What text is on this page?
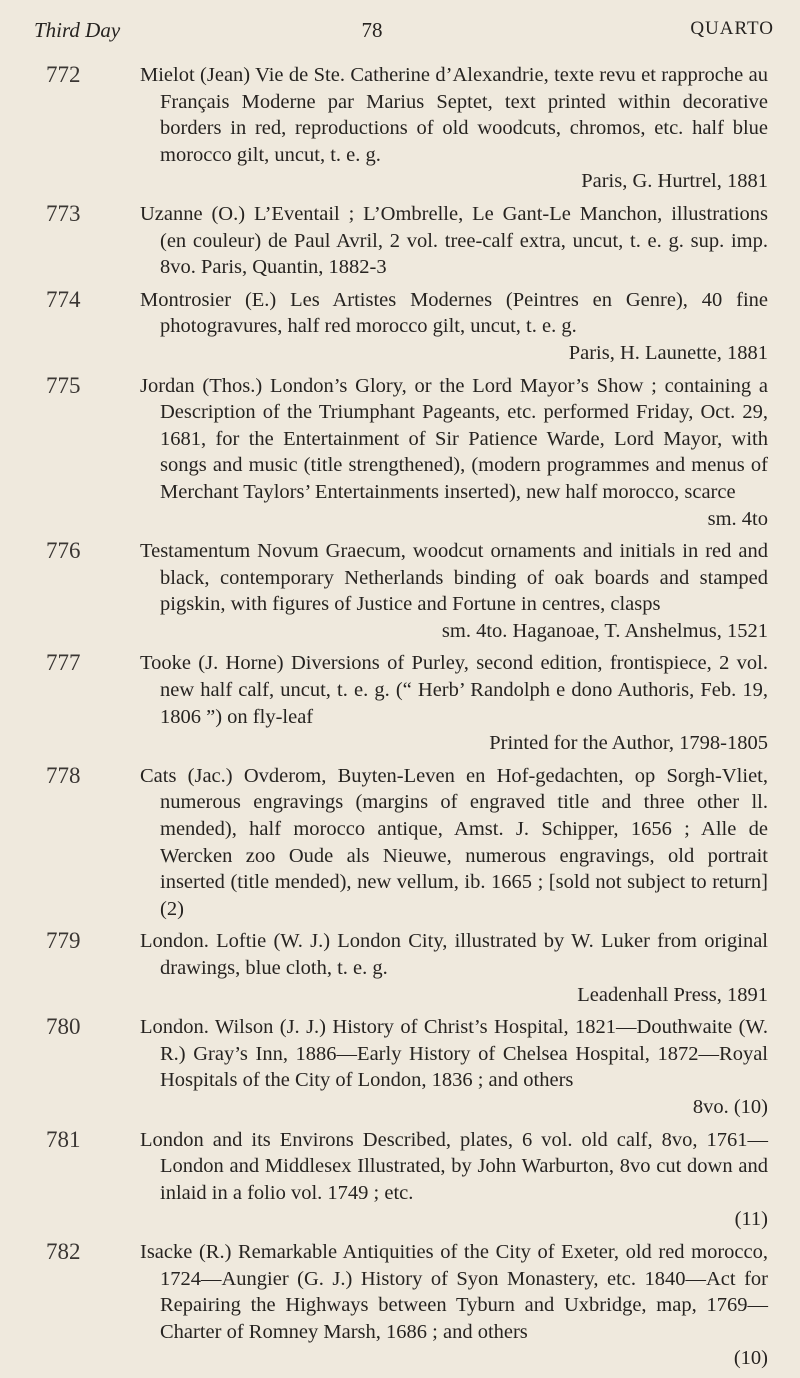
Third Day	78	QUARTO
772	Mielot (Jean) Vie de Ste. Catherine d’Alexandrie, texte revu et rapproche au Français Moderne par Marius Septet, text printed within decorative borders in red, reproductions of old woodcuts, chromos, etc. half blue morocco gilt, uncut, t. e. g.
Paris, G. Hurtrel, 1881
773	Uzanne (O.) L’Eventail ; L’Ombrelle, Le Gant-Le Manchon, illustrations (en couleur) de Paul Avril, 2 vol. tree-calf extra, uncut, t. e. g. sup. imp. 8vo. Paris, Quantin, 1882-3
774	Montrosier (E.) Les Artistes Modernes (Peintres en Genre), 40 fine photogravures, half red morocco gilt, uncut, t. e. g.
Paris, H. Launette, 1881
775	Jordan (Thos.) London’s Glory, or the Lord Mayor’s Show ; containing a Description of the Triumphant Pageants, etc. performed Friday, Oct. 29, 1681, for the Entertainment of Sir Patience Warde, Lord Mayor, with songs and music (title strengthened), (modern programmes and menus of Merchant Taylors’ Entertainments inserted), new half morocco, scarce
sm. 4to
776	Testamentum Novum Graecum, woodcut ornaments and initials in red and black, contemporary Netherlands binding of oak boards and stamped pigskin, with figures of Justice and Fortune in centres, clasps
sm. 4to. Haganoae, T. Anshelmus, 1521
777	Tooke (J. Horne) Diversions of Purley, second edition, frontispiece, 2 vol. new half calf, uncut, t. e. g. (“ Herb’ Randolph e dono Authoris, Feb. 19, 1806 ”) on fly-leaf
Printed for the Author, 1798-1805
778	Cats (Jac.) Ovderom, Buyten-Leven en Hof-gedachten, op Sorgh-Vliet, numerous engravings (margins of engraved title and three other ll. mended), half morocco antique, Amst. J. Schipper, 1656 ; Alle de Wercken zoo Oude als Nieuwe, numerous engravings, old portrait inserted (title mended), new vellum, ib. 1665 ; [sold not subject to return] (2)
779	London. Loftie (W. J.) London City, illustrated by W. Luker from original drawings, blue cloth, t. e. g.
Leadenhall Press, 1891
780	London. Wilson (J. J.) History of Christ’s Hospital, 1821—Douthwaite (W. R.) Gray’s Inn, 1886—Early History of Chelsea Hospital, 1872—Royal Hospitals of the City of London, 1836 ; and others
8vo. (10)
781	London and its Environs Described, plates, 6 vol. old calf, 8vo, 1761—London and Middlesex Illustrated, by John Warburton, 8vo cut down and inlaid in a folio vol. 1749 ; etc.
(11)
782	Isacke (R.) Remarkable Antiquities of the City of Exeter, old red morocco, 1724—Aungier (G. J.) History of Syon Monastery, etc. 1840—Act for Repairing the Highways between Tyburn and Uxbridge, map, 1769—Charter of Romney Marsh, 1686 ; and others
(10)
